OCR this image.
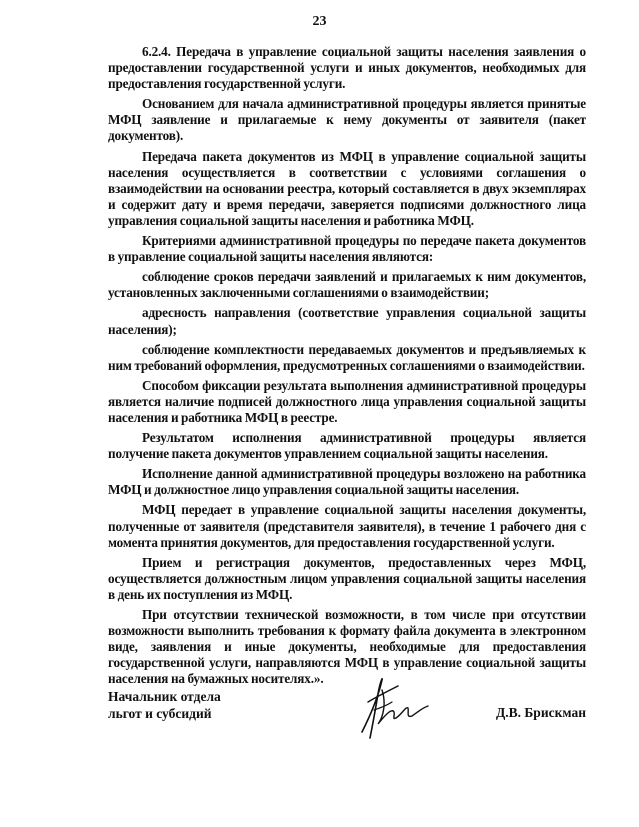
23

6.2.4. Передача в управление социальной защиты населения заявления о предоставлении государственной услуги и иных документов, необходимых для предоставления государственной услуги.

Основанием для начала административной процедуры является принятые МФЦ заявление и прилагаемые к нему документы от заявителя (пакет документов).

Передача пакета документов из МФЦ в управление социальной защиты населения осуществляется в соответствии с условиями соглашения о взаимодействии на основании реестра, который составляется в двух экземплярах и содержит дату и время передачи, заверяется подписями должностного лица управления социальной защиты населения и работника МФЦ.

Критериями административной процедуры по передаче пакета документов в управление социальной защиты населения являются:

соблюдение сроков передачи заявлений и прилагаемых к ним документов, установленных заключенными соглашениями о взаимодействии;

адресность направления (соответствие управления социальной защиты населения);

соблюдение комплектности передаваемых документов и предъявляемых к ним требований оформления, предусмотренных соглашениями о взаимодействии.

Способом фиксации результата выполнения административной процедуры является наличие подписей должностного лица управления социальной защиты населения и работника МФЦ в реестре.

Результатом исполнения административной процедуры является получение пакета документов управлением социальной защиты населения.

Исполнение данной административной процедуры возложено на работника МФЦ и должностное лицо управления социальной защиты населения.

МФЦ передает в управление социальной защиты населения документы, полученные от заявителя (представителя заявителя), в течение 1 рабочего дня с момента принятия документов, для предоставления государственной услуги.

Прием и регистрация документов, предоставленных через МФЦ, осуществляется должностным лицом управления социальной защиты населения в день их поступления из МФЦ.

При отсутствии технической возможности, в том числе при отсутствии возможности выполнить требования к формату файла документа в электронном виде, заявления и иные документы, необходимые для предоставления государственной услуги, направляются МФЦ в управление социальной защиты населения на бумажных носителях.».

Начальник отдела
льгот и субсидий	Д.В. Брискман
